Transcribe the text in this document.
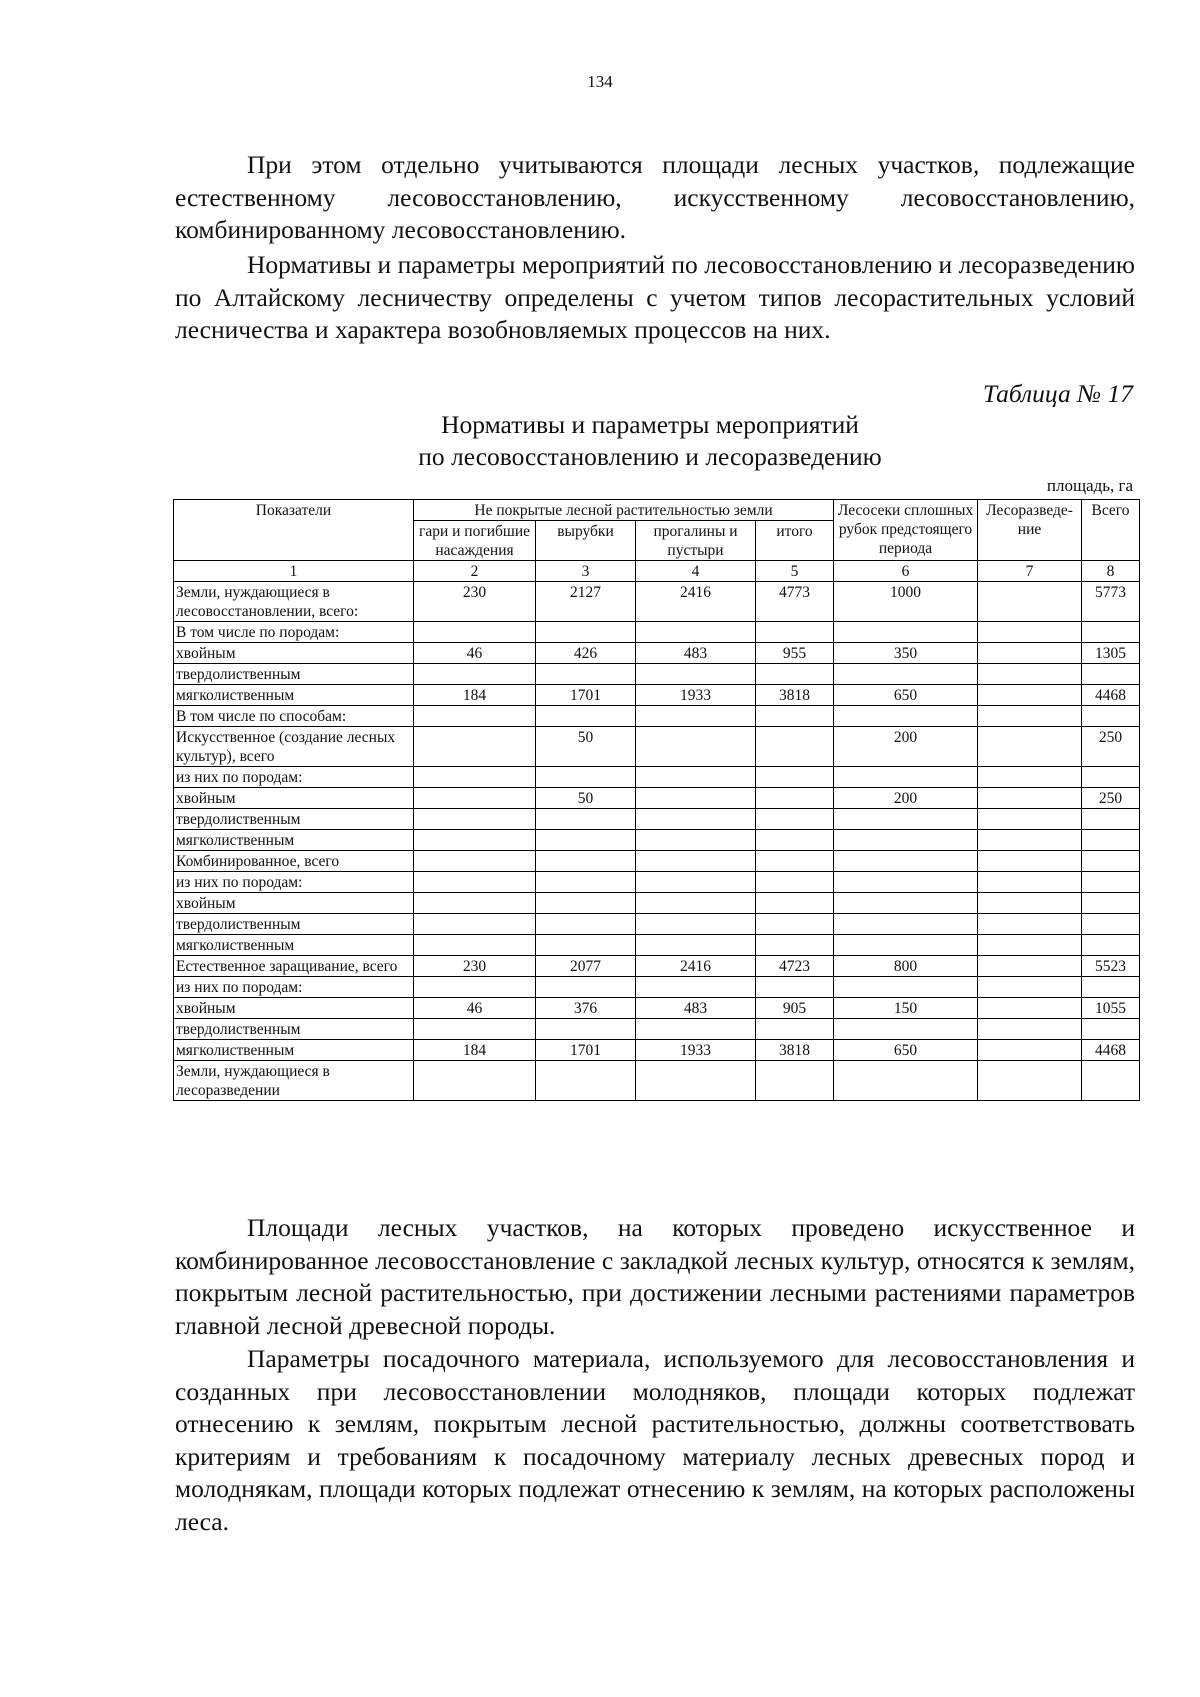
134

При этом отдельно учитываются площади лесных участков, подлежащие естественному лесовосстановлению, искусственному лесовосстановлению, комбинированному лесовосстановлению.

Нормативы и параметры мероприятий по лесовосстановлению и лесоразведению по Алтайскому лесничеству определены с учетом типов лесорастительных условий лесничества и характера возобновляемых процессов на них.

Таблица № 17
Нормативы и параметры мероприятий
по лесовосстановлению и лесоразведению
площадь, га
Показатели	Не покрытые лесной растительностью земли				Лесосеки сплошных рубок предстоящего периода	Лесоразведе-ние	Всего
	гари и погибшие насаждения	вырубки	прогалины и пустыри	итого			
1	2	3	4	5	6	7	8
Земли, нуждающиеся в лесовосстановлении, всего:	230	2127	2416	4773	1000		5773
В том числе по породам:							
хвойным	46	426	483	955	350		1305
твердолиственным							
мягколиственным	184	1701	1933	3818	650		4468
В том числе по способам:							
Искусственное (создание лесных культур), всего		50			200		250
из них по породам:							
хвойным		50			200		250
твердолиственным							
мягколиственным							
Комбинированное, всего							
из них по породам:							
хвойным							
твердолиственным							
мягколиственным							
Естественное заращивание, всего	230	2077	2416	4723	800		5523
из них по породам:							
хвойным	46	376	483	905	150		1055
твердолиственным							
мягколиственным	184	1701	1933	3818	650		4468
Земли, нуждающиеся в лесоразведении							

Площади лесных участков, на которых проведено искусственное и комбинированное лесовосстановление с закладкой лесных культур, относятся к землям, покрытым лесной растительностью, при достижении лесными растениями параметров главной лесной древесной породы.

Параметры посадочного материала, используемого для лесовосстановления и созданных при лесовосстановлении молодняков, площади которых подлежат отнесению к землям, покрытым лесной растительностью, должны соответствовать критериям и требованиям к посадочному материалу лесных древесных пород и молоднякам, площади которых подлежат отнесению к землям, на которых расположены леса.
